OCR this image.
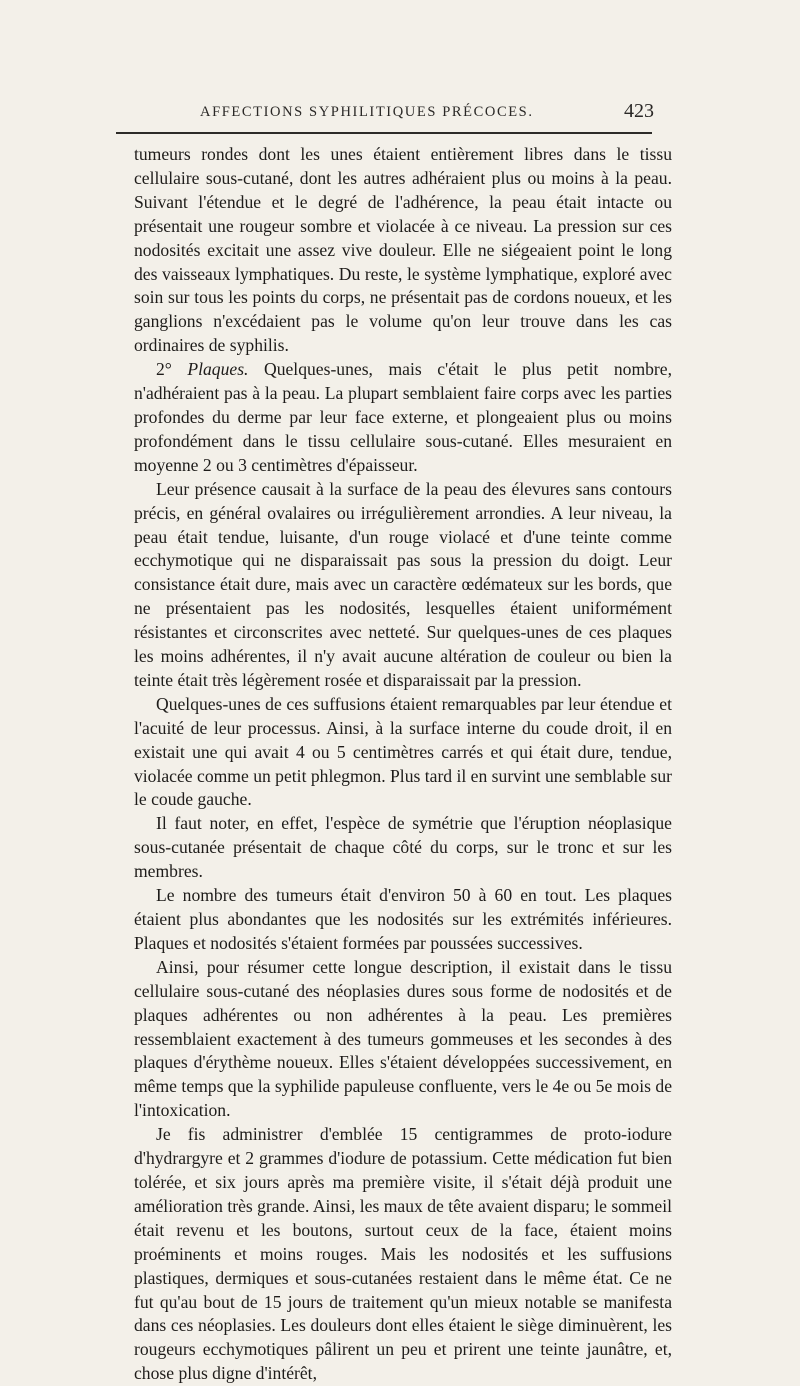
AFFECTIONS SYPHILITIQUES PRÉCOCES.	423

tumeurs rondes dont les unes étaient entièrement libres dans le tissu cellulaire sous-cutané, dont les autres adhéraient plus ou moins à la peau. Suivant l'étendue et le degré de l'adhérence, la peau était intacte ou présentait une rougeur sombre et violacée à ce niveau. La pression sur ces nodosités excitait une assez vive douleur. Elle ne siégeaient point le long des vaisseaux lymphatiques. Du reste, le système lymphatique, exploré avec soin sur tous les points du corps, ne présentait pas de cordons noueux, et les ganglions n'excédaient pas le volume qu'on leur trouve dans les cas ordinaires de syphilis.

2° Plaques. Quelques-unes, mais c'était le plus petit nombre, n'adhéraient pas à la peau. La plupart semblaient faire corps avec les parties profondes du derme par leur face externe, et plongeaient plus ou moins profondément dans le tissu cellulaire sous-cutané. Elles mesuraient en moyenne 2 ou 3 centimètres d'épaisseur.

Leur présence causait à la surface de la peau des élevures sans contours précis, en général ovalaires ou irrégulièrement arrondies. A leur niveau, la peau était tendue, luisante, d'un rouge violacé et d'une teinte comme ecchymotique qui ne disparaissait pas sous la pression du doigt. Leur consistance était dure, mais avec un caractère œdémateux sur les bords, que ne présentaient pas les nodosités, lesquelles étaient uniformément résistantes et circonscrites avec netteté. Sur quelques-unes de ces plaques les moins adhérentes, il n'y avait aucune altération de couleur ou bien la teinte était très légèrement rosée et disparaissait par la pression.

Quelques-unes de ces suffusions étaient remarquables par leur étendue et l'acuité de leur processus. Ainsi, à la surface interne du coude droit, il en existait une qui avait 4 ou 5 centimètres carrés et qui était dure, tendue, violacée comme un petit phlegmon. Plus tard il en survint une semblable sur le coude gauche.

Il faut noter, en effet, l'espèce de symétrie que l'éruption néoplasique sous-cutanée présentait de chaque côté du corps, sur le tronc et sur les membres.

Le nombre des tumeurs était d'environ 50 à 60 en tout. Les plaques étaient plus abondantes que les nodosités sur les extrémités inférieures. Plaques et nodosités s'étaient formées par poussées successives.

Ainsi, pour résumer cette longue description, il existait dans le tissu cellulaire sous-cutané des néoplasies dures sous forme de nodosités et de plaques adhérentes ou non adhérentes à la peau. Les premières ressemblaient exactement à des tumeurs gommeuses et les secondes à des plaques d'érythème noueux. Elles s'étaient développées successivement, en même temps que la syphilide papuleuse confluente, vers le 4e ou 5e mois de l'intoxication.

Je fis administrer d'emblée 15 centigrammes de proto-iodure d'hydrargyre et 2 grammes d'iodure de potassium. Cette médication fut bien tolérée, et six jours après ma première visite, il s'était déjà produit une amélioration très grande. Ainsi, les maux de tête avaient disparu; le sommeil était revenu et les boutons, surtout ceux de la face, étaient moins proéminents et moins rouges. Mais les nodosités et les suffusions plastiques, dermiques et sous-cutanées restaient dans le même état. Ce ne fut qu'au bout de 15 jours de traitement qu'un mieux notable se manifesta dans ces néoplasies. Les douleurs dont elles étaient le siège diminuèrent, les rougeurs ecchymotiques pâlirent un peu et prirent une teinte jaunâtre, et, chose plus digne d'intérêt,
